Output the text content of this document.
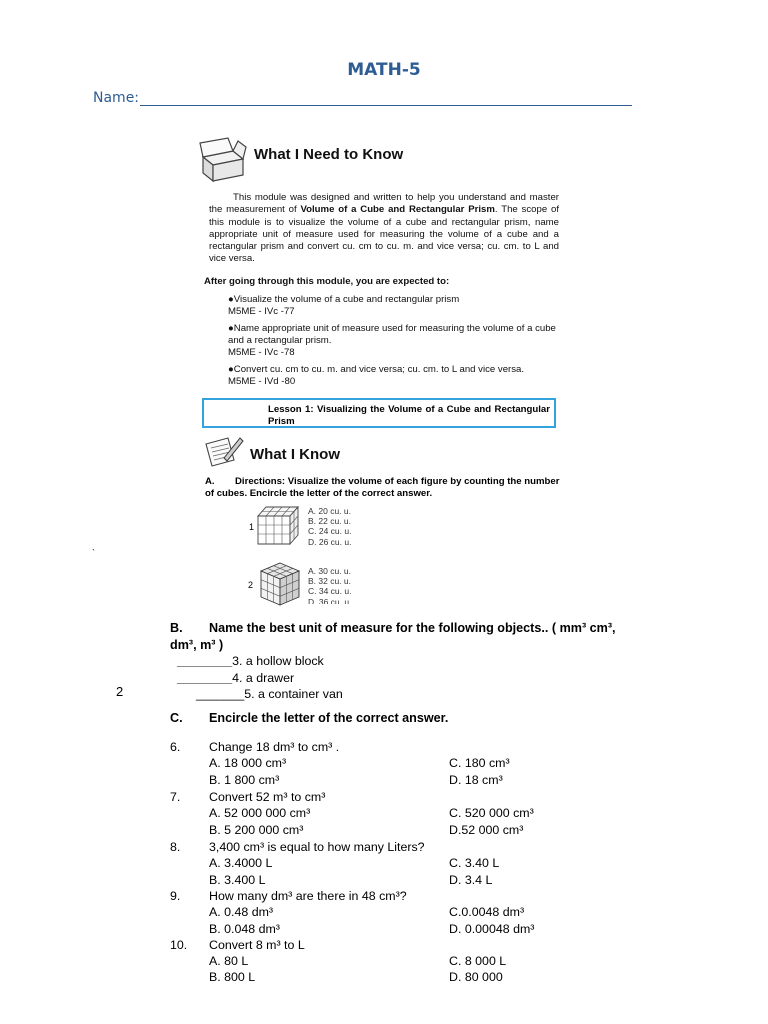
MATH-5
Name:
What I Need to Know
This module was designed and written to help you understand and master the measurement of Volume of a Cube and Rectangular Prism. The scope of this module is to visualize the volume of a cube and rectangular prism, name appropriate unit of measure used for measuring the volume of a cube and a rectangular prism and convert cu. cm to cu. m. and vice versa; cu. cm. to L and vice versa.
After going through this module, you are expected to:
●Visualize the volume of a cube and rectangular prism
M5ME - IVc -77
●Name appropriate unit of measure used for measuring the volume of a cube and a rectangular prism.
M5ME - IVc -78
●Convert cu. cm to cu. m. and vice versa; cu. cm. to L and vice versa.
M5ME - IVd -80
Lesson 1: Visualizing the Volume of a Cube and Rectangular Prism
What I Know
A. Directions: Visualize the volume of each figure by counting the number of cubes. Encircle the letter of the correct answer.
1
A. 20 cu. u.
B. 22 cu. u.
C. 24 cu. u.
D. 26 cu. u.
2
A. 30 cu. u.
B. 32 cu. u.
C. 34 cu. u.
D. 36 cu. u.
`
2
B. Name the best unit of measure for the following objects.. ( mm³ cm³, dm³, m³ )
________3. a hollow block
________4. a drawer
_______5. a container van
C. Encircle the letter of the correct answer.
6. Change 18 dm³ to cm³ .
A. 18 000 cm³	C. 180 cm³
B. 1 800 cm³	D. 18 cm³
7. Convert 52 m³ to cm³
A. 52 000 000 cm³	C. 520 000 cm³
B. 5 200 000 cm³	D.52 000 cm³
8. 3,400 cm³ is equal to how many Liters?
A. 3.4000 L	C. 3.40 L
B. 3.400 L	D. 3.4 L
9. How many dm³ are there in 48 cm³?
A. 0.48 dm³	C.0.0048 dm³
B. 0.048 dm³	D. 0.00048 dm³
10. Convert 8 m³ to L
A. 80 L	C. 8 000 L
B. 800 L	D. 80 000
